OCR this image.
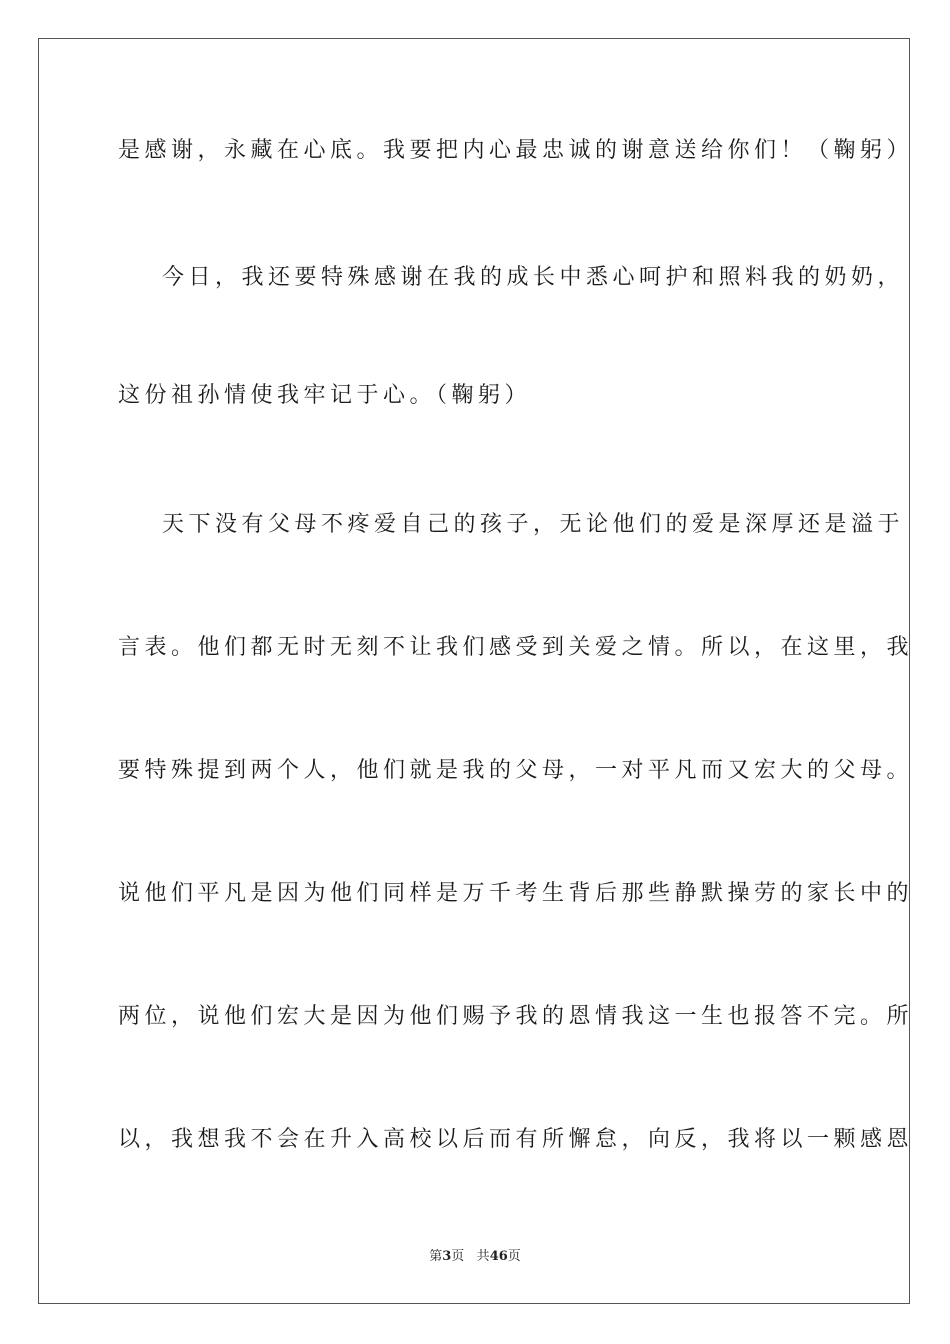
是感谢，永藏在心底。我要把内心最忠诚的谢意送给你们！（鞠躬）
今日，我还要特殊感谢在我的成长中悉心呵护和照料我的奶奶，
这份祖孙情使我牢记于心。（鞠躬）
天下没有父母不疼爱自己的孩子，无论他们的爱是深厚还是溢于
言表。他们都无时无刻不让我们感受到关爱之情。所以，在这里，我
要特殊提到两个人，他们就是我的父母，一对平凡而又宏大的父母。
说他们平凡是因为他们同样是万千考生背后那些静默操劳的家长中的
两位，说他们宏大是因为他们赐予我的恩情我这一生也报答不完。所
以，我想我不会在升入高校以后而有所懈怠，向反，我将以一颗感恩
第3页 共46页
